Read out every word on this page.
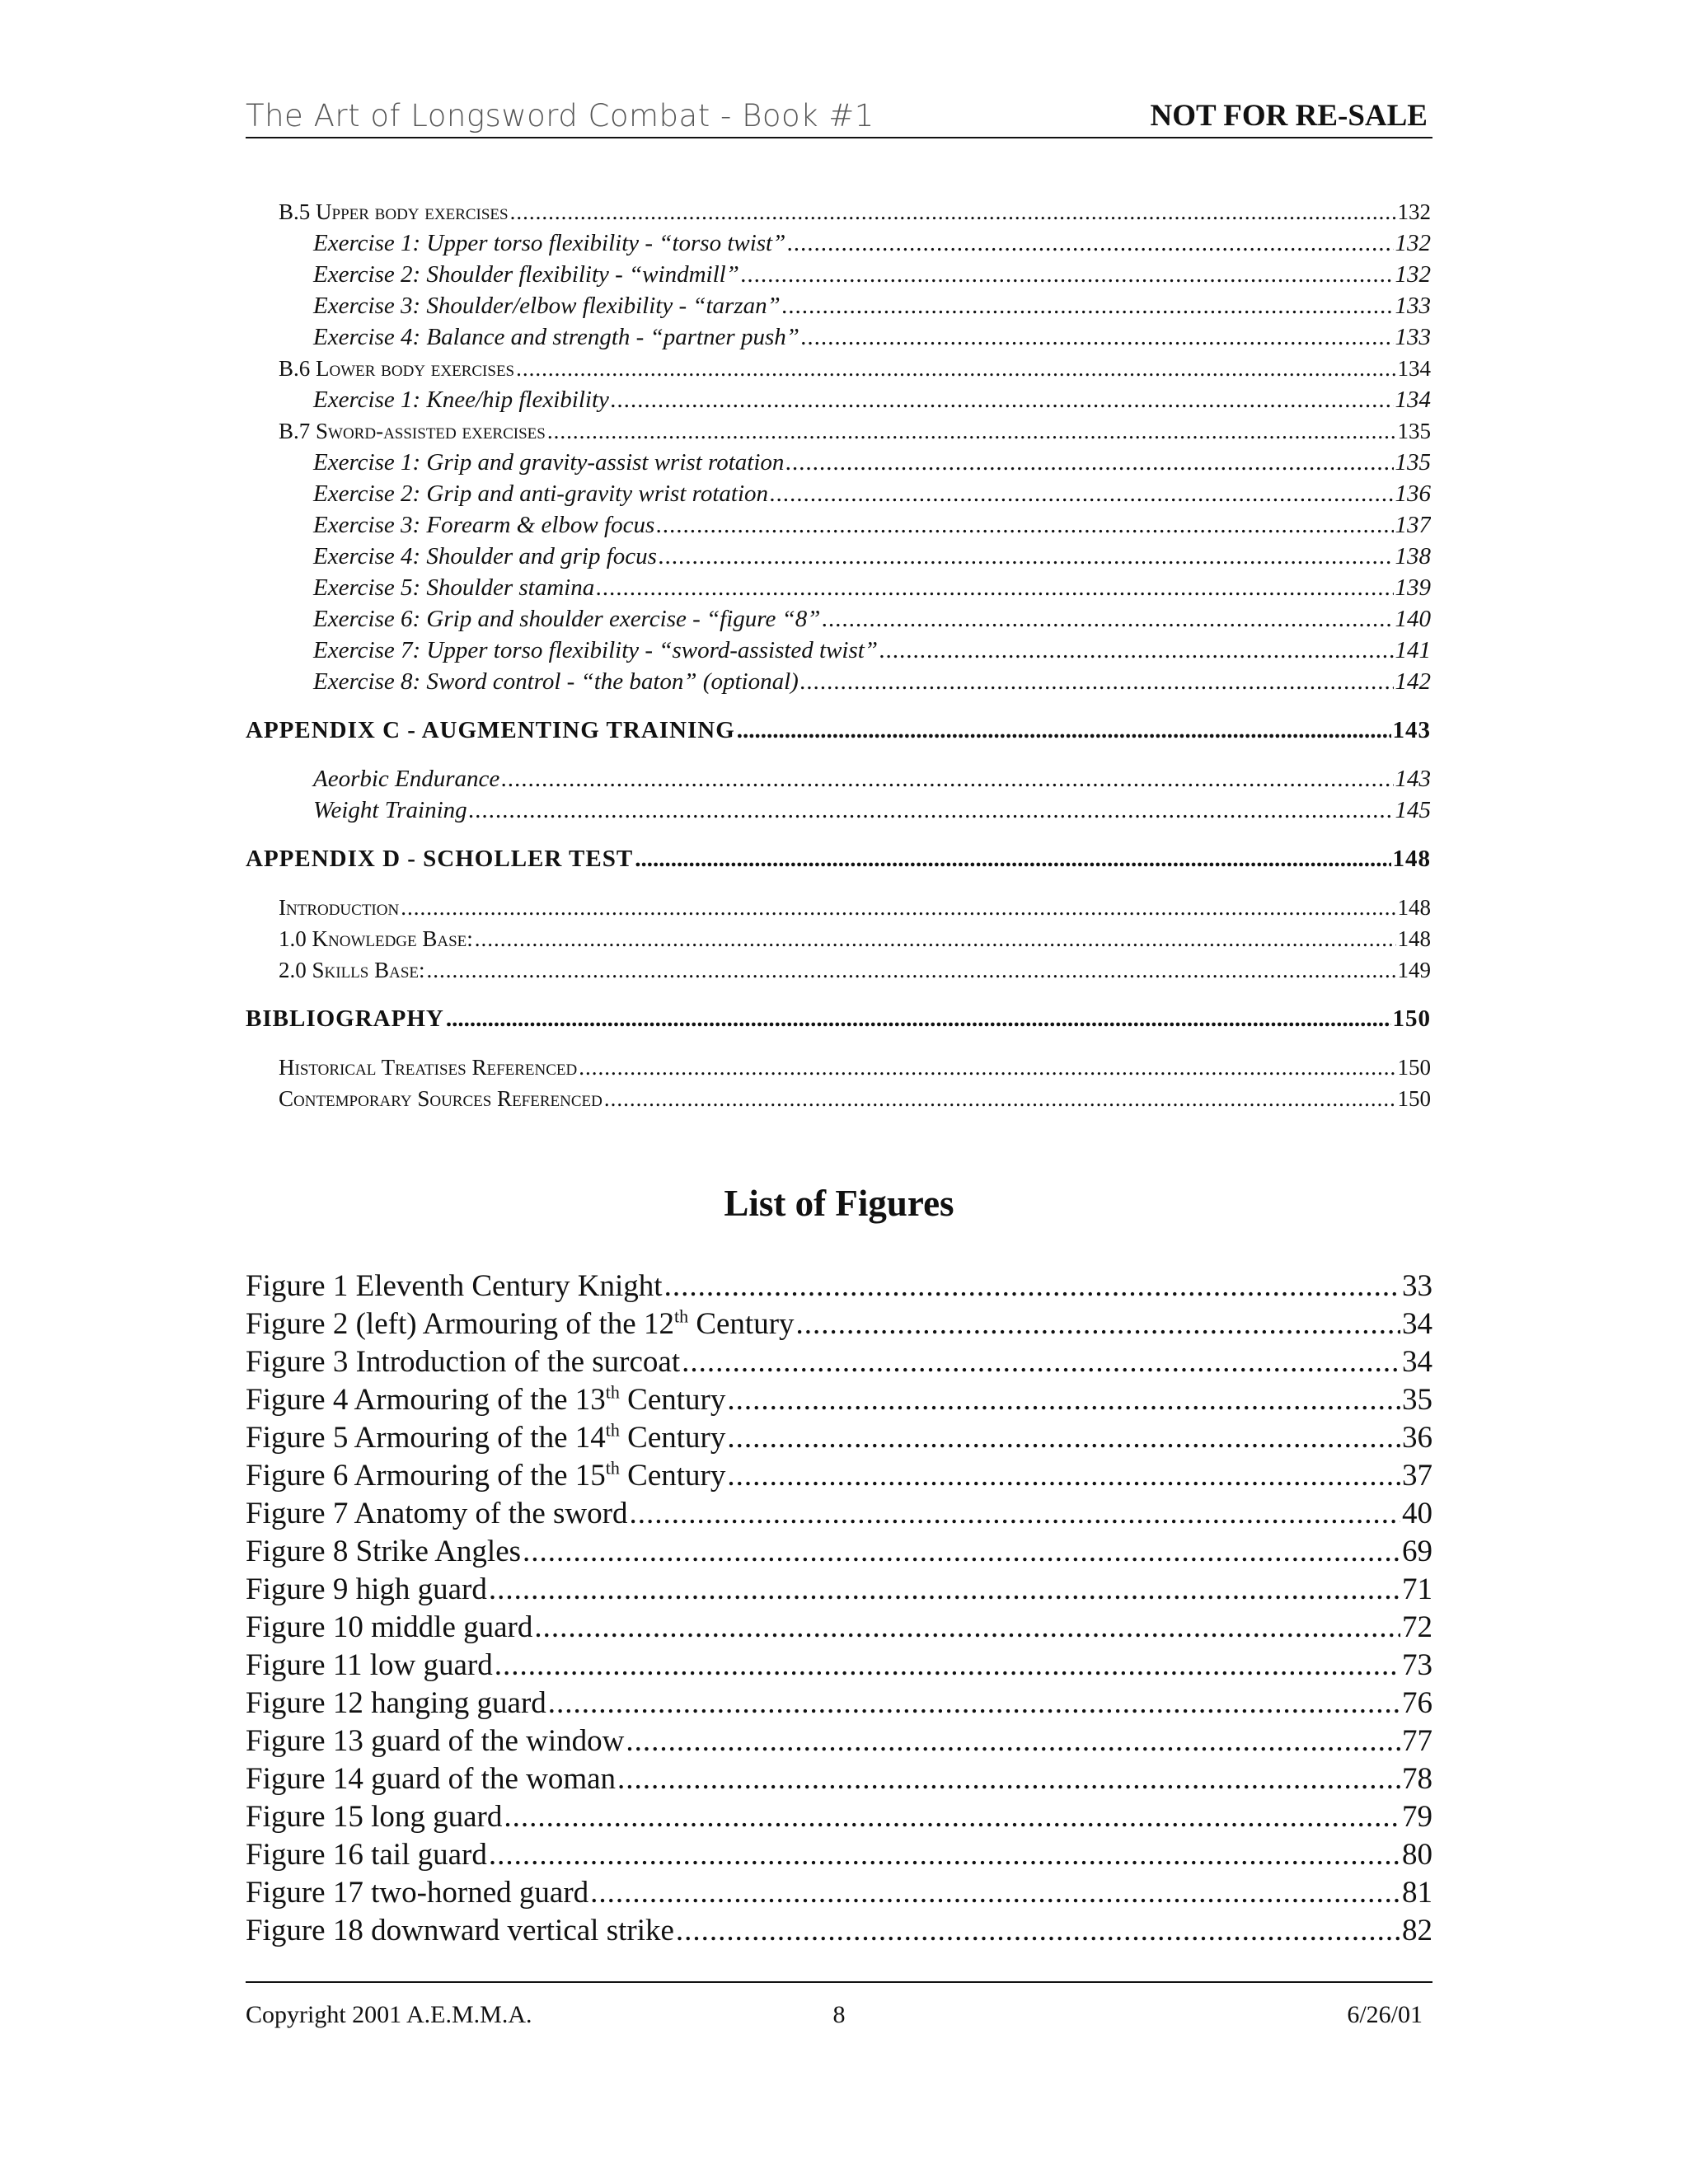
The Art of Longsword Combat - Book #1	NOT FOR RE-SALE
B.5 Upper body exercises .....	132
Exercise 1: Upper torso flexibility - “torso twist” .....	132
Exercise 2: Shoulder flexibility - “windmill” .....	132
Exercise 3: Shoulder/elbow flexibility - “tarzan” .....	133
Exercise 4: Balance and strength - “partner push” .....	133
B.6 Lower body exercises .....	134
Exercise 1: Knee/hip flexibility .....	134
B.7 Sword-assisted exercises .....	135
Exercise 1: Grip and gravity-assist wrist rotation .....	135
Exercise 2: Grip and anti-gravity wrist rotation .....	136
Exercise 3: Forearm & elbow focus .....	137
Exercise 4: Shoulder and grip focus .....	138
Exercise 5: Shoulder stamina .....	139
Exercise 6: Grip and shoulder exercise - “figure “8” .....	140
Exercise 7: Upper torso flexibility - “sword-assisted twist” .....	141
Exercise 8: Sword control - “the baton” (optional) .....	142
APPENDIX C - AUGMENTING TRAINING .....	143
Aeorbic Endurance .....	143
Weight Training .....	145
APPENDIX D - SCHOLLER TEST .....	148
Introduction .....	148
1.0 Knowledge Base: .....	148
2.0 Skills Base: .....	149
BIBLIOGRAPHY .....	150
Historical Treatises Referenced .....	150
Contemporary Sources Referenced .....	150
List of Figures
Figure 1 Eleventh Century Knight .....	33
Figure 2 (left) Armouring of the 12th Century .....	34
Figure 3 Introduction of the surcoat .....	34
Figure 4 Armouring of the 13th Century .....	35
Figure 5 Armouring of the 14th Century .....	36
Figure 6 Armouring of the 15th Century .....	37
Figure 7 Anatomy of the sword .....	40
Figure 8 Strike Angles .....	69
Figure 9 high guard .....	71
Figure 10 middle guard .....	72
Figure 11 low guard .....	73
Figure 12 hanging guard .....	76
Figure 13 guard of the window .....	77
Figure 14 guard of the woman .....	78
Figure 15 long guard .....	79
Figure 16 tail guard .....	80
Figure 17 two-horned guard .....	81
Figure 18 downward vertical strike .....	82
Copyright 2001 A.E.M.M.A.	8	6/26/01
